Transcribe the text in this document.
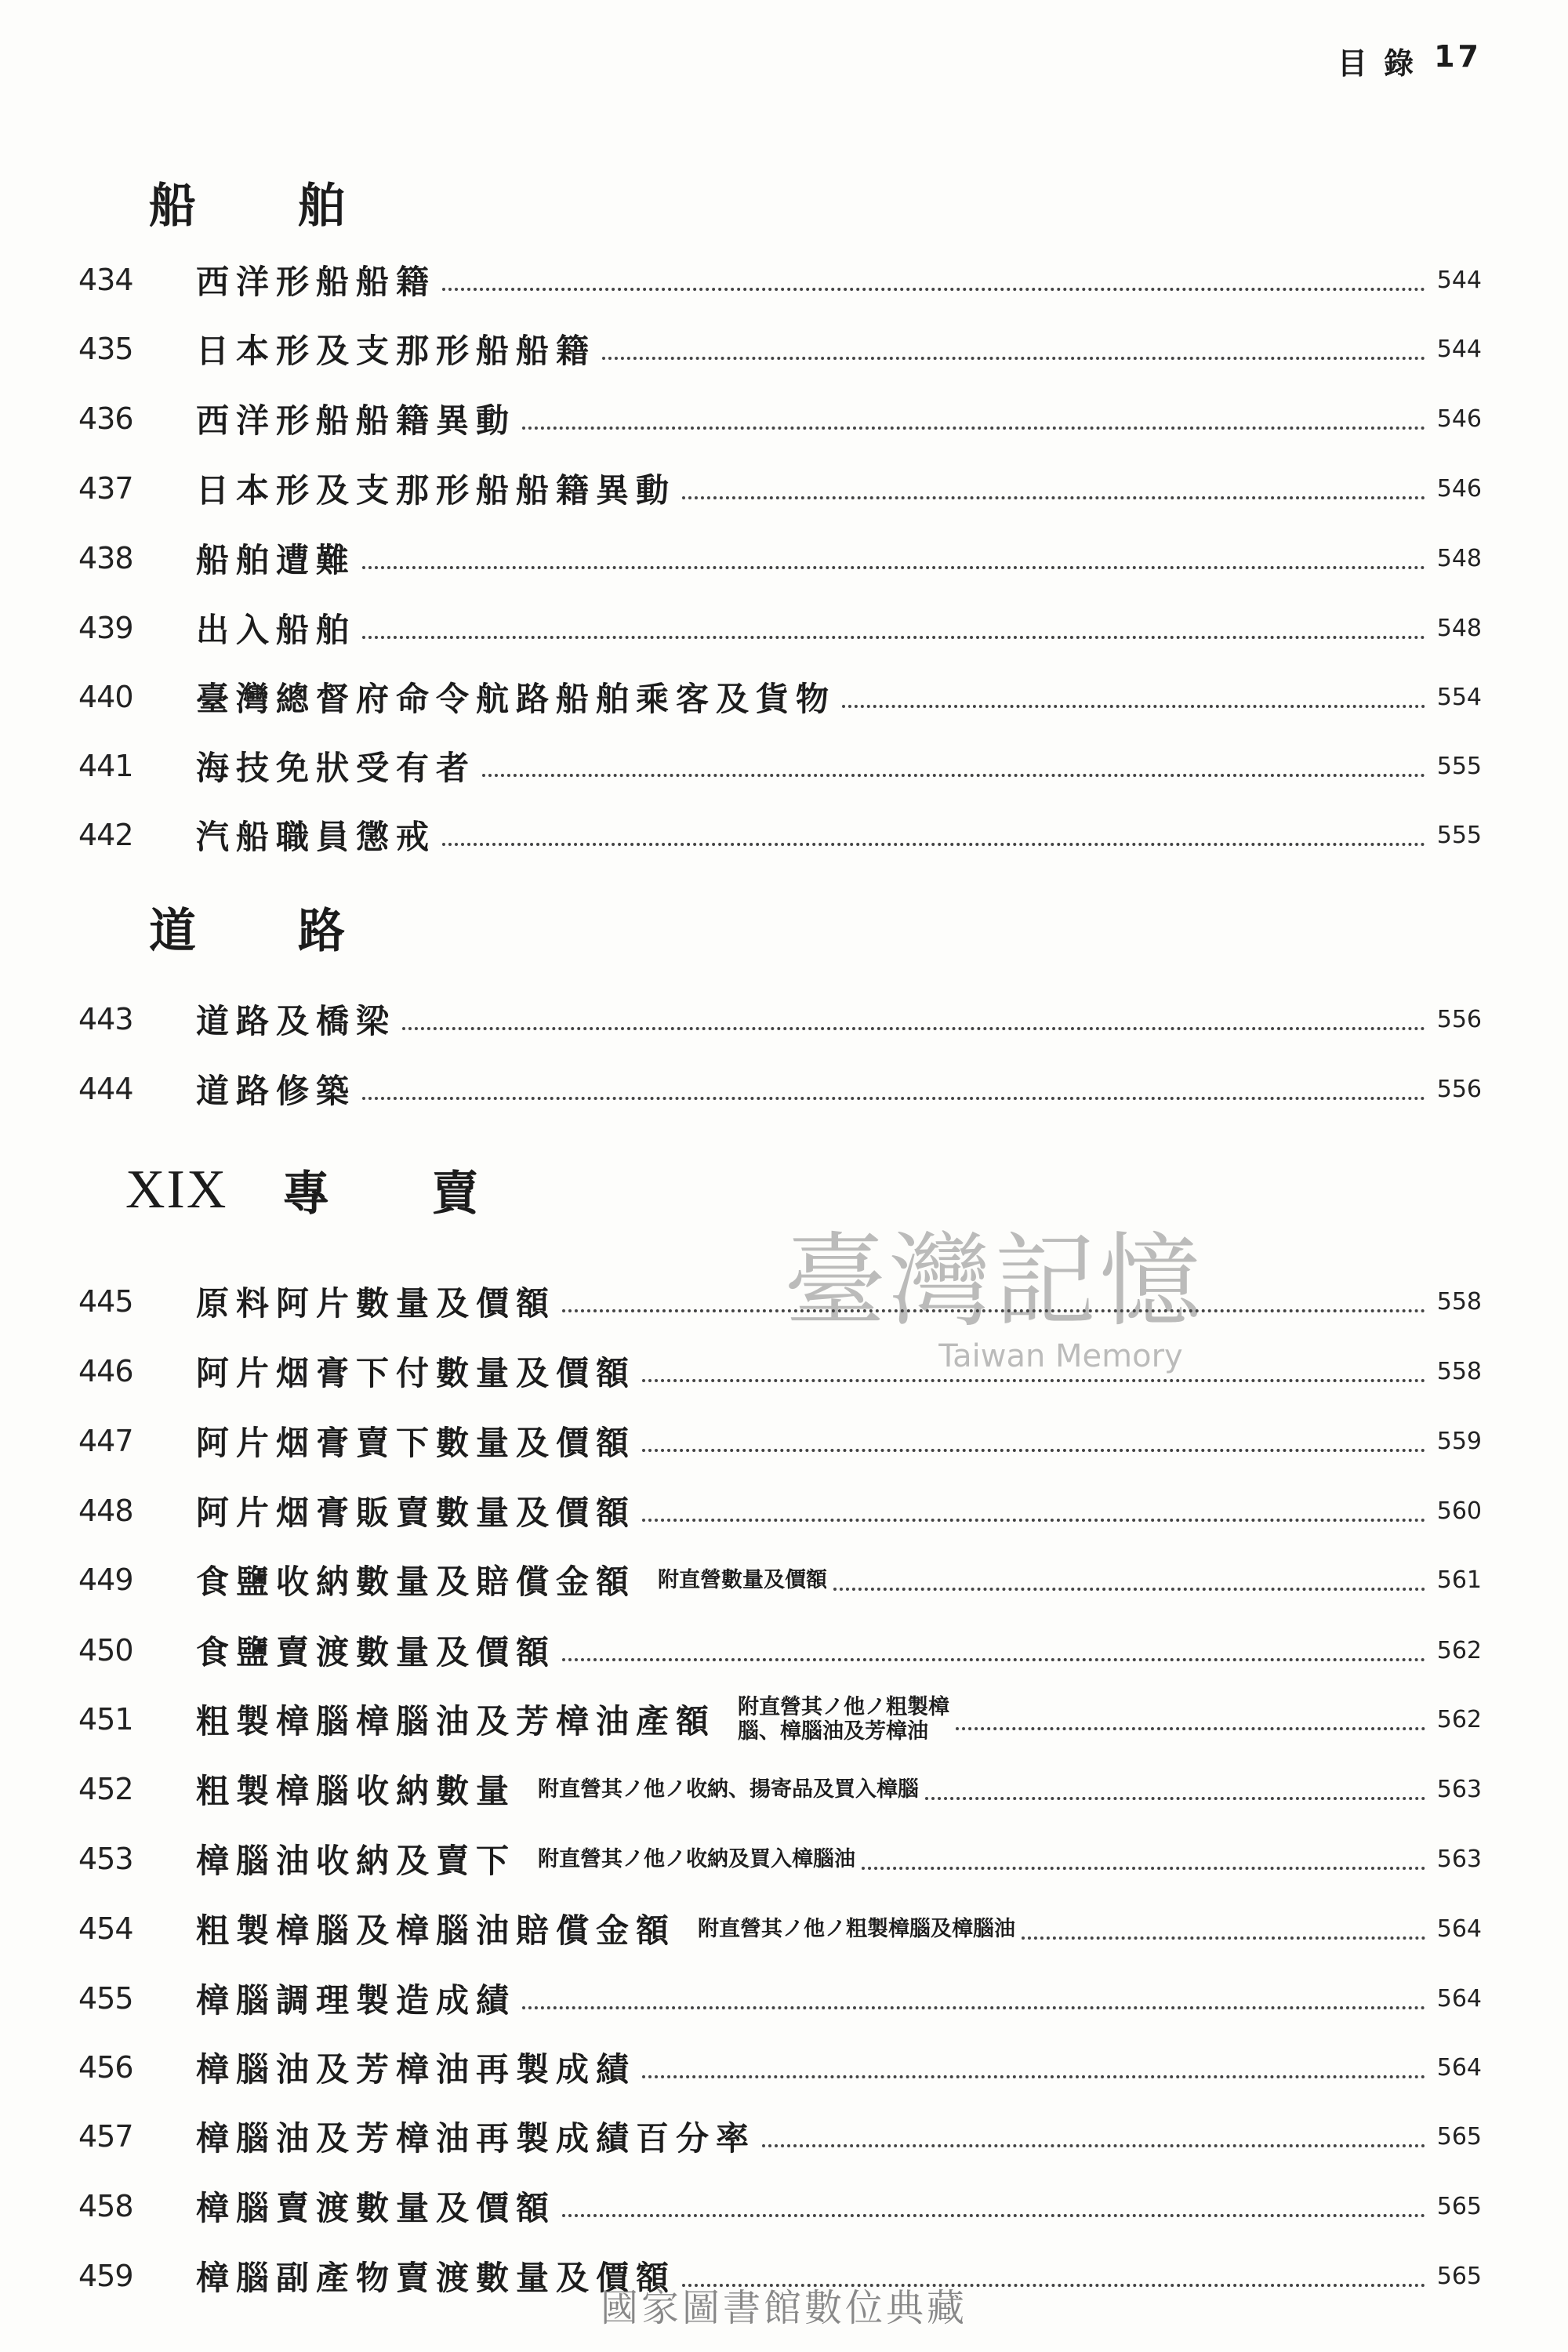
目 錄 17
船 舶
道 路
XIX 專 賣
434	西洋形船船籍	544
435	日本形及支那形船船籍	544
436	西洋形船船籍異動	546
437	日本形及支那形船船籍異動	546
438	船舶遭難	548
439	出入船舶	548
440	臺灣總督府命令航路船舶乘客及貨物	554
441	海技免狀受有者	555
442	汽船職員懲戒	555
443	道路及橋梁	556
444	道路修築	556
445	原料阿片數量及價額	558
446	阿片烟膏下付數量及價額	558
447	阿片烟膏賣下數量及價額	559
448	阿片烟膏販賣數量及價額	560
449	食鹽收納數量及賠償金額 附直營數量及價額	561
450	食鹽賣渡數量及價額	562
451	粗製樟腦樟腦油及芳樟油產額 附直營其ノ他ノ粗製樟
腦、樟腦油及芳樟油	562
452	粗製樟腦收納數量 附直營其ノ他ノ收納、揚寄品及買入樟腦	563
453	樟腦油收納及賣下 附直營其ノ他ノ收納及買入樟腦油	563
454	粗製樟腦及樟腦油賠償金額 附直營其ノ他ノ粗製樟腦及樟腦油	564
455	樟腦調理製造成績	564
456	樟腦油及芳樟油再製成績	564
457	樟腦油及芳樟油再製成績百分率	565
458	樟腦賣渡數量及價額	565
459	樟腦副產物賣渡數量及價額	565
臺灣記憶
Taiwan Memory
國家圖書館數位典藏
